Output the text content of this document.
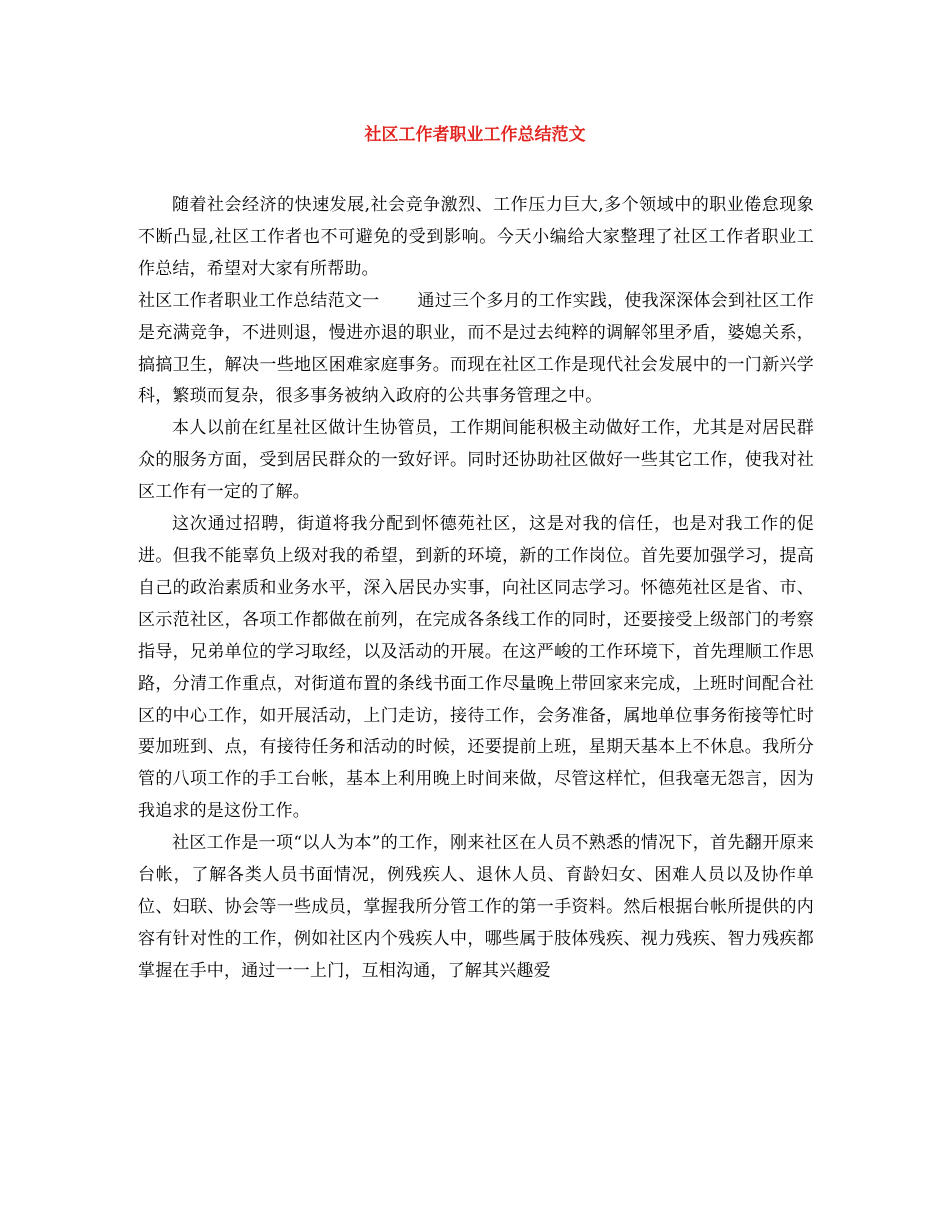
社区工作者职业工作总结范文

随着社会经济的快速发展,社会竞争激烈、工作压力巨大,多个领域中的职业倦怠现象不断凸显,社区工作者也不可避免的受到影响。今天小编给大家整理了社区工作者职业工作总结，希望对大家有所帮助。

社区工作者职业工作总结范文一 通过三个多月的工作实践，使我深深体会到社区工作是充满竞争，不进则退，慢进亦退的职业，而不是过去纯粹的调解邻里矛盾，婆媳关系，搞搞卫生，解决一些地区困难家庭事务。而现在社区工作是现代社会发展中的一门新兴学科，繁琐而复杂，很多事务被纳入政府的公共事务管理之中。

本人以前在红星社区做计生协管员，工作期间能积极主动做好工作，尤其是对居民群众的服务方面，受到居民群众的一致好评。同时还协助社区做好一些其它工作，使我对社区工作有一定的了解。

这次通过招聘，街道将我分配到怀德苑社区，这是对我的信任，也是对我工作的促进。但我不能辜负上级对我的希望，到新的环境，新的工作岗位。首先要加强学习，提高自己的政治素质和业务水平，深入居民办实事，向社区同志学习。怀德苑社区是省、市、区示范社区，各项工作都做在前列，在完成各条线工作的同时，还要接受上级部门的考察指导，兄弟单位的学习取经，以及活动的开展。在这严峻的工作环境下，首先理顺工作思路，分清工作重点，对街道布置的条线书面工作尽量晚上带回家来完成，上班时间配合社区的中心工作，如开展活动，上门走访，接待工作，会务准备，属地单位事务衔接等忙时要加班到、点，有接待任务和活动的时候，还要提前上班，星期天基本上不休息。我所分管的八项工作的手工台帐，基本上利用晚上时间来做，尽管这样忙，但我毫无怨言，因为我追求的是这份工作。

社区工作是一项“以人为本”的工作，刚来社区在人员不熟悉的情况下，首先翻开原来台帐，了解各类人员书面情况，例残疾人、退休人员、育龄妇女、困难人员以及协作单位、妇联、协会等一些成员，掌握我所分管工作的第一手资料。然后根据台帐所提供的内容有针对性的工作，例如社区内个残疾人中，哪些属于肢体残疾、视力残疾、智力残疾都掌握在手中，通过一一上门，互相沟通，了解其兴趣爱
